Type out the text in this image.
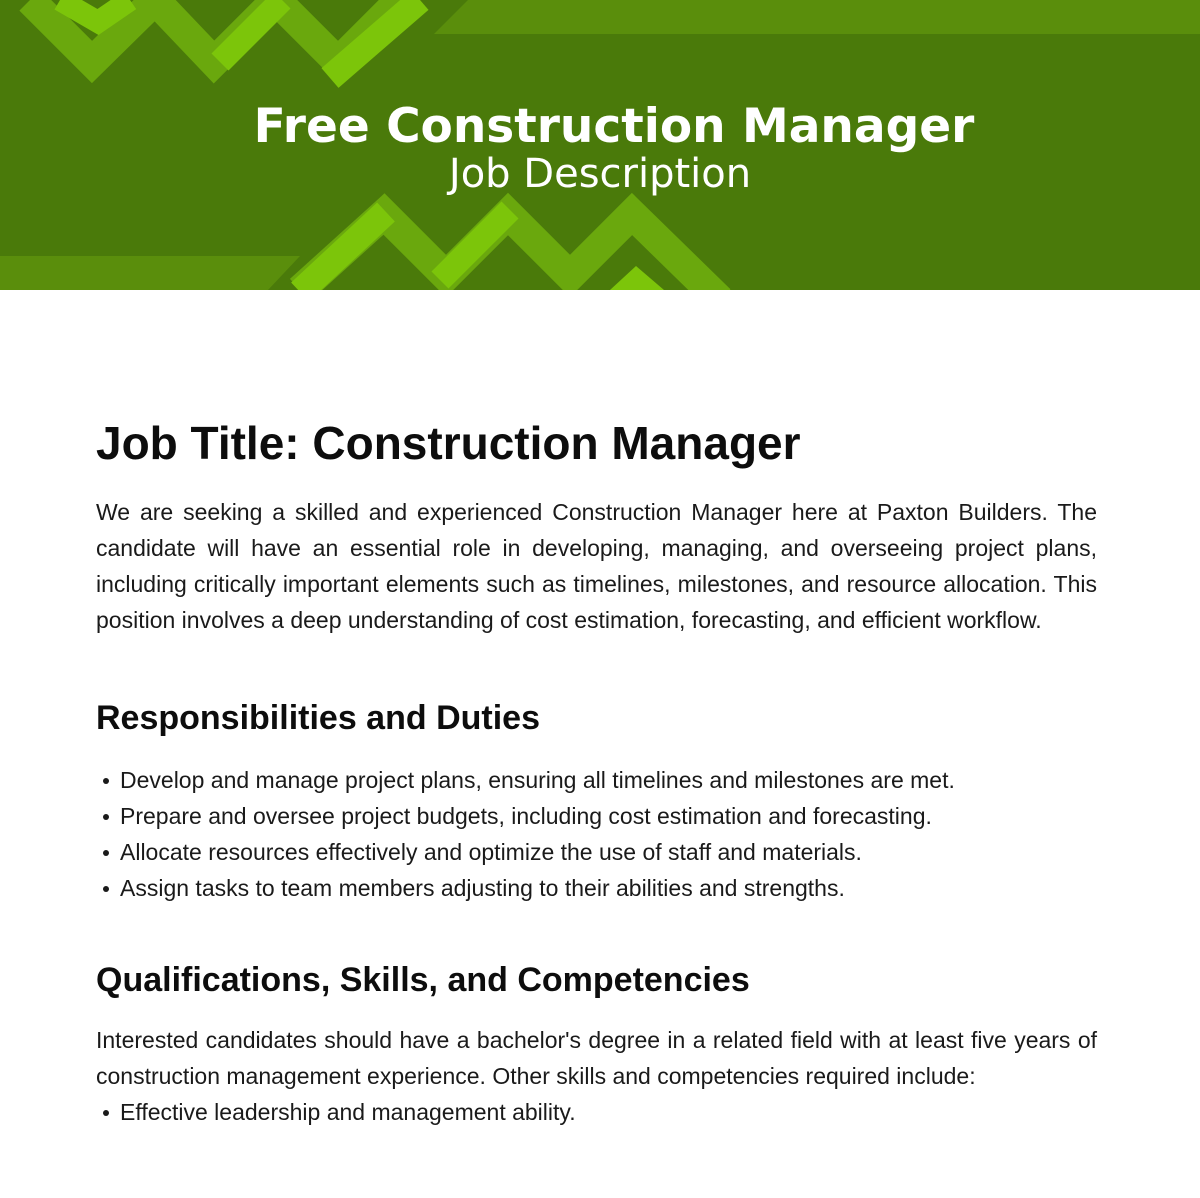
Free Construction Manager
Job Description
Job Title: Construction Manager

We are seeking a skilled and experienced Construction Manager here at Paxton Builders. The candidate will have an essential role in developing, managing, and overseeing project plans, including critically important elements such as timelines, milestones, and resource allocation. This position involves a deep understanding of cost estimation, forecasting, and efficient workflow.

Responsibilities and Duties
Develop and manage project plans, ensuring all timelines and milestones are met.
Prepare and oversee project budgets, including cost estimation and forecasting.
Allocate resources effectively and optimize the use of staff and materials.
Assign tasks to team members adjusting to their abilities and strengths.
Qualifications, Skills, and Competencies

Interested candidates should have a bachelor's degree in a related field with at least five years of construction management experience. Other skills and competencies required include:

Effective leadership and management ability.
